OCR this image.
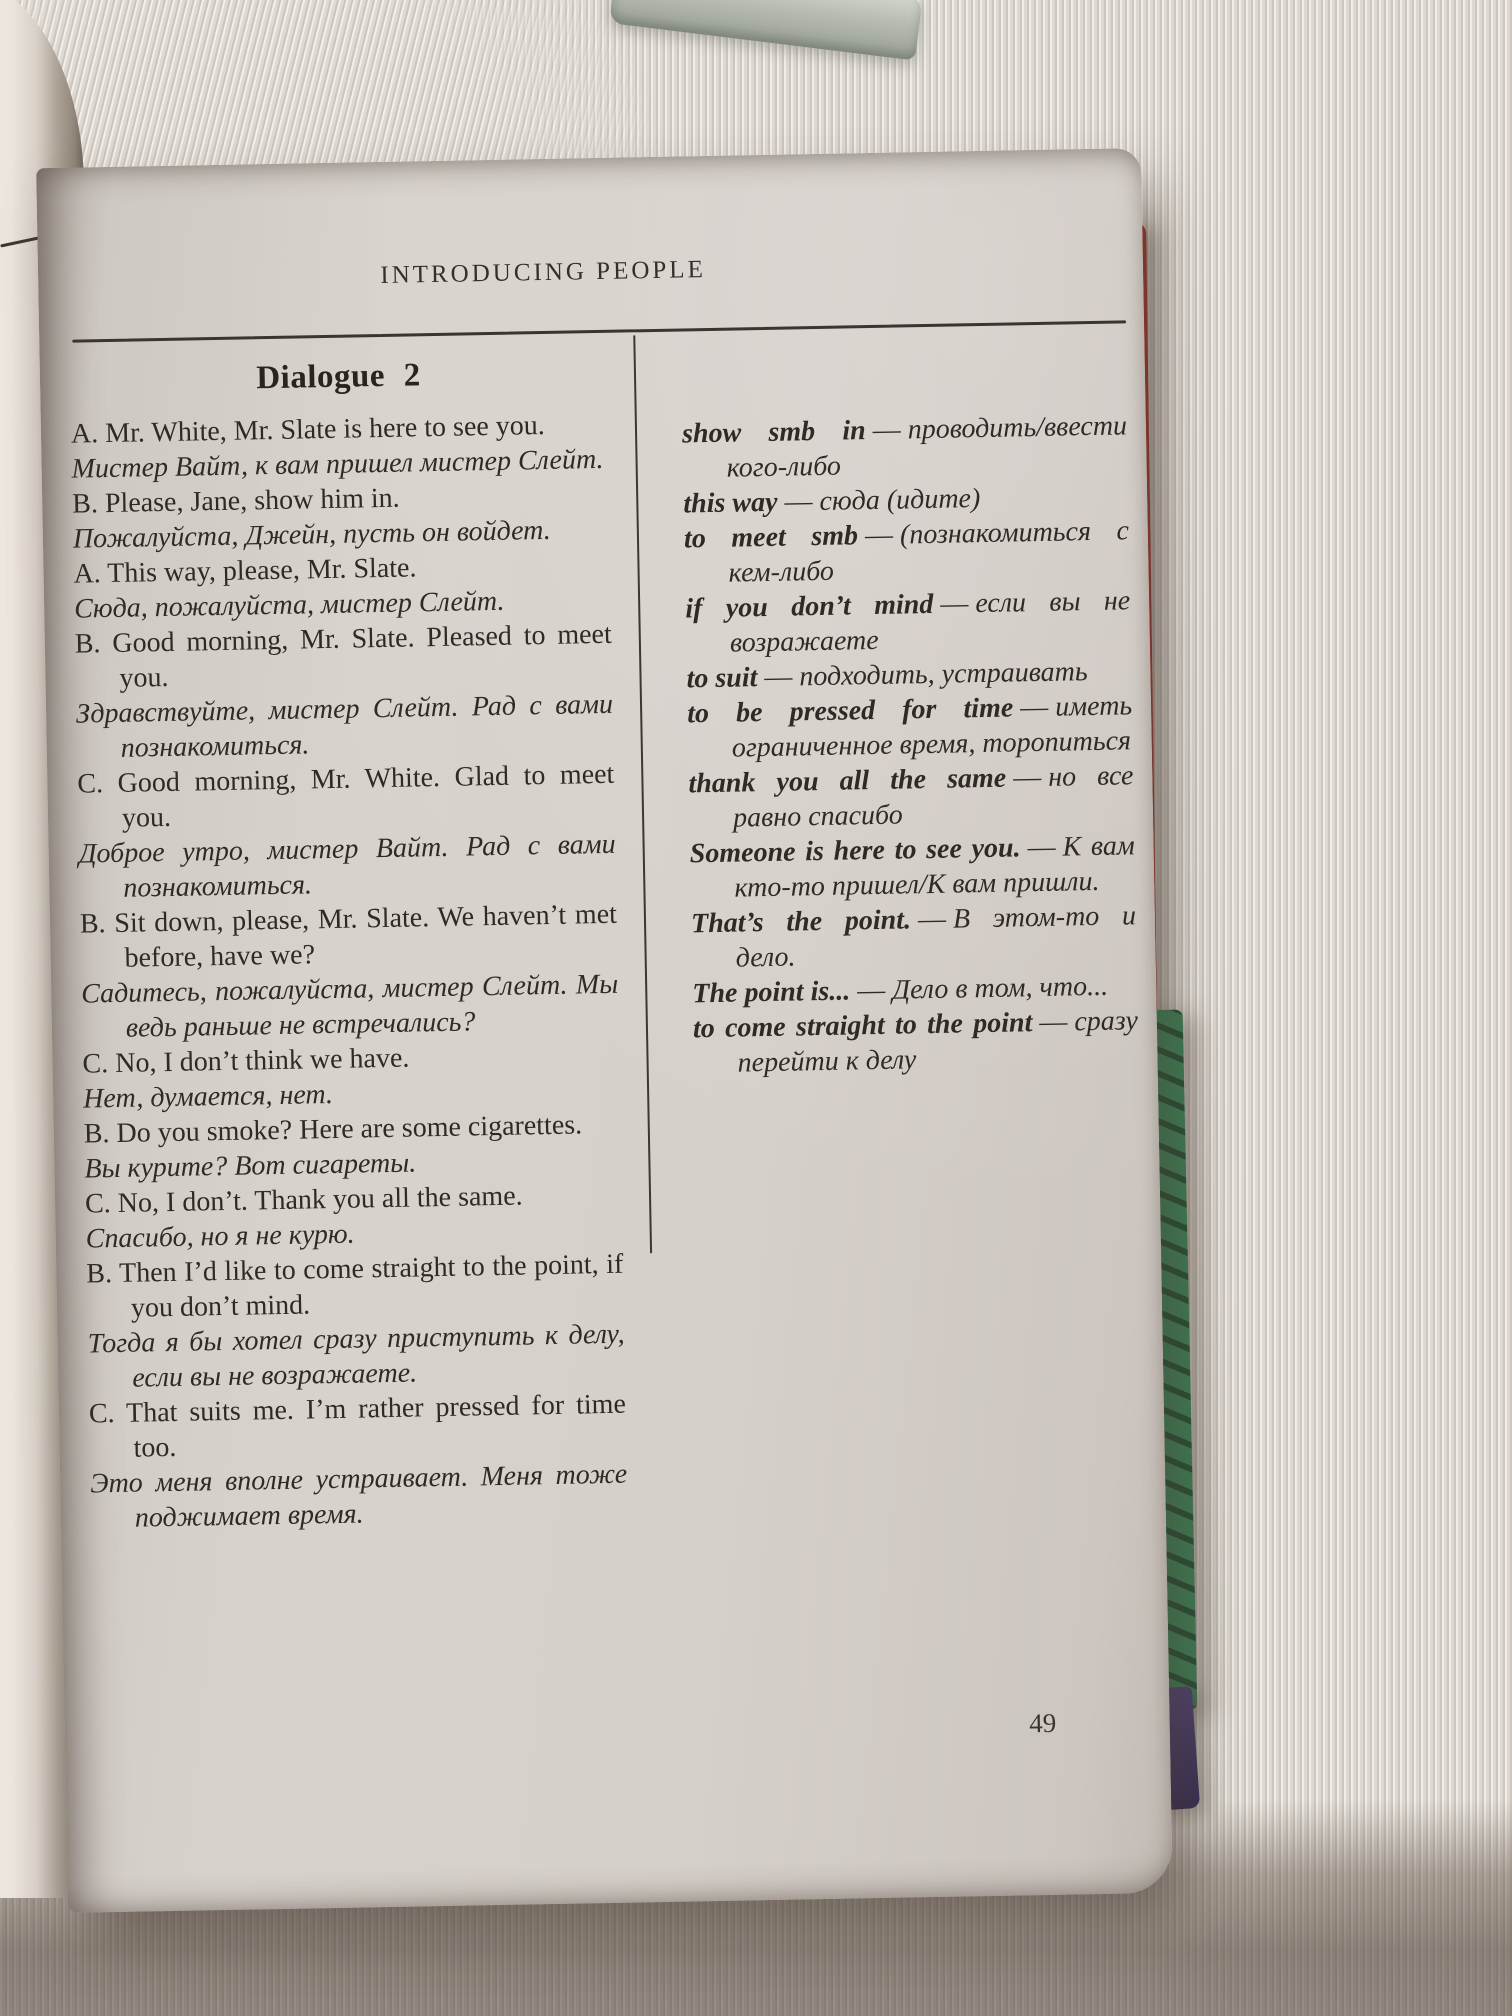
INTRODUCING PEOPLE
Dialogue 2

A. Mr. White, Mr. Slate is here to see you.

Мистер Вайт, к вам пришел мистер Слейт.

B. Please, Jane, show him in.

Пожалуйста, Джейн, пусть он войдет.

A. This way, please, Mr. Slate.

Сюда, пожалуйста, мистер Слейт.

B. Good morning, Mr. Slate. Pleased to meet you.

Здравствуйте, мистер Слейт. Рад с вами познакомиться.

C. Good morning, Mr. White. Glad to meet you.

Доброе утро, мистер Вайт. Рад с вами познакомиться.

B. Sit down, please, Mr. Slate. We haven’t met before, have we?

Садитесь, пожалуйста, мистер Слейт. Мы ведь раньше не встречались?

C. No, I don’t think we have.

Нет, думается, нет.

B. Do you smoke? Here are some cigarettes.

Вы курите? Вот сигареты.

C. No, I don’t. Thank you all the same.

Спасибо, но я не курю.

B. Then I’d like to come straight to the point, if you don’t mind.

Тогда я бы хотел сразу приступить к делу, если вы не возражаете.

C. That suits me. I’m rather pressed for time too.

Это меня вполне устраивает. Меня тоже поджимает время.

show smb in — проводить/ввести кого-либо

this way — сюда (идите)

to meet smb — (познакомиться с кем-либо

if you don’t mind — если вы не возражаете

to suit — подходить, устраивать

to be pressed for time — иметь ограниченное время, торопиться

thank you all the same — но все равно спасибо

Someone is here to see you. — К вам кто-то пришел/К вам пришли.

That’s the point. — В этом-то и дело.

The point is... — Дело в том, что...

to come straight to the point — сразу перейти к делу

49
